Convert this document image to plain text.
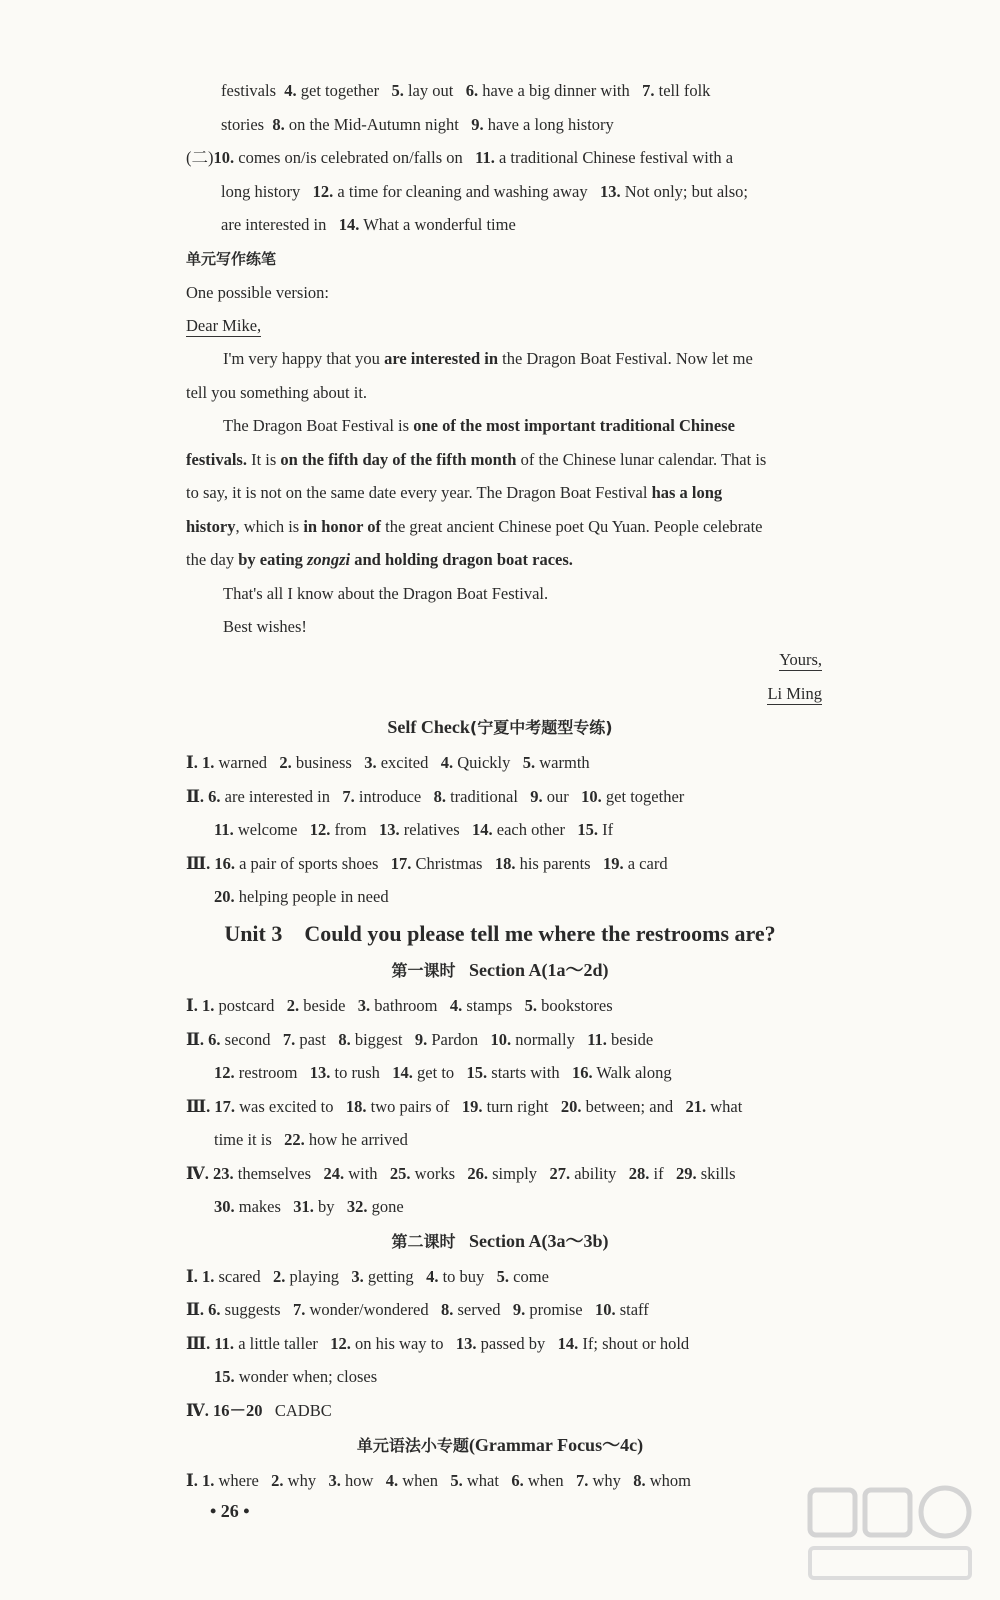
festivals  4. get together   5. lay out   6. have a big dinner with   7. tell folk
stories  8. on the Mid-Autumn night   9. have a long history
(二)10. comes on/is celebrated on/falls on   11. a traditional Chinese festival with a
long history   12. a time for cleaning and washing away   13. Not only; but also;
are interested in   14. What a wonderful time
单元写作练笔
One possible version:
Dear Mike,
I'm very happy that you are interested in the Dragon Boat Festival. Now let me
tell you something about it.
The Dragon Boat Festival is one of the most important traditional Chinese
festivals. It is on the fifth day of the fifth month of the Chinese lunar calendar. That is
to say, it is not on the same date every year. The Dragon Boat Festival has a long
history, which is in honor of the great ancient Chinese poet Qu Yuan. People celebrate
the day by eating zongzi and holding dragon boat races.
That's all I know about the Dragon Boat Festival.
Best wishes!
Yours,
Li Ming
Self Check(宁夏中考题型专练)
Ⅰ. 1. warned   2. business   3. excited   4. Quickly   5. warmth
Ⅱ. 6. are interested in   7. introduce   8. traditional   9. our   10. get together
11. welcome   12. from   13. relatives   14. each other   15. If
Ⅲ. 16. a pair of sports shoes   17. Christmas   18. his parents   19. a card
20. helping people in need
Unit 3    Could you please tell me where the restrooms are?
第一课时 Section A(1a～2d)
Ⅰ. 1. postcard   2. beside   3. bathroom   4. stamps   5. bookstores
Ⅱ. 6. second   7. past   8. biggest   9. Pardon   10. normally   11. beside
12. restroom   13. to rush   14. get to   15. starts with   16. Walk along
Ⅲ. 17. was excited to   18. two pairs of   19. turn right   20. between; and   21. what
time it is   22. how he arrived
Ⅳ. 23. themselves   24. with   25. works   26. simply   27. ability   28. if   29. skills
30. makes   31. by   32. gone
第二课时 Section A(3a～3b)
Ⅰ. 1. scared   2. playing   3. getting   4. to buy   5. come
Ⅱ. 6. suggests   7. wonder/wondered   8. served   9. promise   10. staff
Ⅲ. 11. a little taller   12. on his way to   13. passed by   14. If; shout or hold
15. wonder when; closes
Ⅳ. 16－20   CADBC
单元语法小专题(Grammar Focus～4c)
Ⅰ. 1. where   2. why   3. how   4. when   5. what   6. when   7. why   8. whom
• 26 •
